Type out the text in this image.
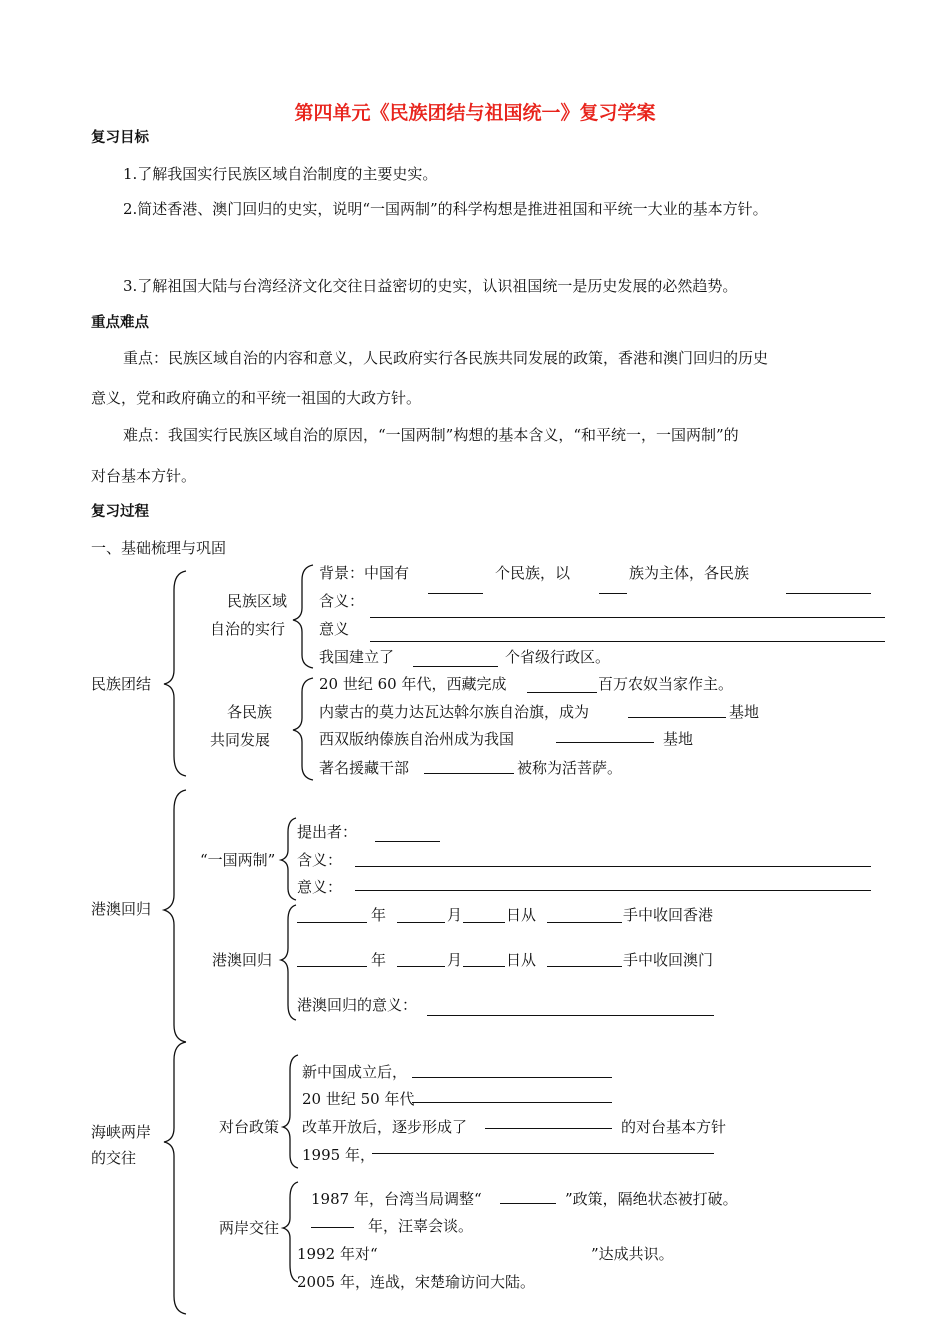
第四单元《民族团结与祖国统一》复习学案
复习目标
1.了解我国实行民族区域自治制度的主要史实。
2.简述香港、澳门回归的史实，说明“一国两制”的科学构想是推进祖国和平统一大业的基本方针。
3.了解祖国大陆与台湾经济文化交往日益密切的史实，认识祖国统一是历史发展的必然趋势。
重点难点
重点：民族区域自治的内容和意义，人民政府实行各民族共同发展的政策，香港和澳门回归的历史
意义，党和政府确立的和平统一祖国的大政方针。
难点：我国实行民族区域自治的原因，“一国两制”构想的基本含义，“和平统一，一国两制”的
对台基本方针。
复习过程
一、基础梳理与巩固
民族团结
民族区域
自治的实行
背景：中国有	个民族，以	族为主体，各民族
含义：
意义
我国建立了	个省级行政区。
各民族
共同发展
20 世纪 60 年代，西藏完成	百万农奴当家作主。
内蒙古的莫力达瓦达斡尔族自治旗，成为	基地
西双版纳傣族自治州成为我国	基地
著名援藏干部	被称为活菩萨。
港澳回归
“一国两制”
提出者：
含义：
意义：
港澳回归
年	月	日从	手中收回香港
年	月	日从	手中收回澳门
港澳回归的意义：
海峡两岸
的交往
对台政策
新中国成立后，
20 世纪 50 年代
改革开放后，逐步形成了	的对台基本方针
1995 年，
两岸交往
1987 年，台湾当局调整“	”政策，隔绝状态被打破。
年，汪辜会谈。
1992 年对“	”达成共识。
2005 年，连战，宋楚瑜访问大陆。
